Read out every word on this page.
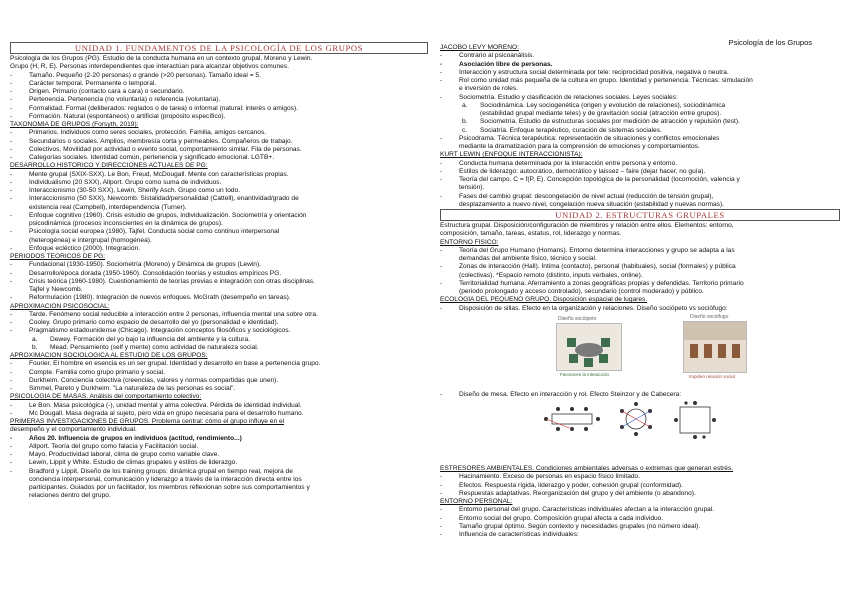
Psicología de los Grupos
UNIDAD 1. FUNDAMENTOS DE LA PSICOLOGÍA DE LOS GRUPOS
Psicología de los Grupos (PG). Estudio de la conducta humana en un contexto grupal. Moreno y Lewin.
Grupo (H, R, E). Personas interdependientes que interactúan para alcanzar objetivos comunes.
- Tamaño. Pequeño (2-20 personas) o grande (>20 personas). Tamaño ideal = 5.
- Carácter temporal. Permanente o temporal.
- Origen. Primario (contacto cara a cara) o secundario.
- Pertenencia. Pertenencia (no voluntaria) o referencia (voluntaria).
- Formalidad. Formal (deliberados: reglados o de tarea) o informal (natural: interés o amigos).
- Formación. Natural (espontáneos) o artificial (propósito específico).
TAXONOMÍA DE GRUPOS (Forsyth, 2019):
- Primarios. Individuos como seres sociales, protección. Familia, amigos cercanos.
- Secundarios o sociales. Amplios, membresía corta y permeables. Compañeros de trabajo.
- Colectivos. Movilidad por actividad o evento social, comportamiento similar. Fila de personas.
- Categorías sociales. Identidad común, pertenencia y significado emocional. LGTB+.
DESARROLLO HISTÓRICO Y DIRECCIONES ACTUALES DE PG:
- Mente grupal (SXIX-SXX). Le Bon, Freud, McDougall. Mente con características propias.
- Individualismo (20 SXX), Allport. Grupo como suma de individuos.
- Interaccionismo (30-50 SXX), Lewin, Sherify Asch. Grupo como un todo.
- Interaccionismo (50 SXX), Newcomb. Sistalidad/personalidad (Cattell), enantividad/grado de
existencia real (Campbell), interdependencia (Turner).
- Enfoque cognitivo (1960). Crisis estudio de grupos, individualización. Sociometría y orientación
psicodinámica (procesos inconscientes en la dinámica de grupos).
- Psicología social europea (1980), Tajfel. Conducta social como continuo interpersonal
(heterogénea) e intergrupal (homogénea).
- Enfoque ecléctico (2000). Integración.
PERIODOS TEÓRICOS DE PG:
- Fundacional (1930-1950). Sociometría (Moreno) y Dinámica de grupos (Lewin).
- Desarrollo/época dorada (1950-1960). Consolidación teorías y estudios empíricos PG.
- Crisis teórica (1960-1980). Cuestionamiento de teorías previas e integración con otras disciplinas.
Tajfel y Newcomb.
- Reformulación (1980). Integración de nuevos enfoques. McGrath (desempeño en tareas).
APROXIMACIÓN PSICOSOCIAL:
- Tarde. Fenómeno social reducible a interacción entre 2 personas, influencia mental una sobre otra.
- Cooley. Grupo primario como espacio de desarrollo del yo (personalidad e identidad).
- Pragmatismo estadounidense (Chicago). Integración conceptos filosóficos y sociológicos.
a. Dewey. Formación del yo bajo la influencia del ambiente y la cultura.
b. Mead. Pensamiento (self y mente) como actividad de naturaleza social.
APROXIMACIÓN SOCIOLÓGICA AL ESTUDIO DE LOS GRUPOS:
- Fourier. El hombre en esencia es un ser grupal. Identidad y desarrollo en base a pertenencia grupo.
- Compte. Familia como grupo primario y social.
- Durkheim. Conciencia colectiva (creencias, valores y normas compartidas que unen).
- Simmel, Pareto y Durkheim. "La naturaleza de las personas es social".
PSICOLOGÍA DE MASAS. Análisis del comportamiento colectivo:
- Le Bon. Masa psicológica (-), unidad mental y alma colectiva. Pérdida de identidad individual.
- Mc Dougall. Masa degrada al sujeto, pero vida en grupo necesaria para el desarrollo humano.
PRIMERAS INVESTIGACIONES DE GRUPOS. Problema central: cómo el grupo influye en el
desempeño y el comportamiento individual.
- Años 20. Influencia de grupos en individuos (actitud, rendimiento...)
- Allport. Teoría del grupo como falacia y Facilitación social.
- Mayo. Productividad laboral, clima de grupo como variable clave.
- Lewin, Lippit y White. Estudio de climas grupales y estilos de liderazgo.
- Bradford y Lippit. Diseño de los training groups: dinámica grupal en tiempo real, mejora de
conciencia interpersonal, comunicación y liderazgo a través de la interacción directa entre los
participantes. Guiados por un facilitador, los miembros reflexionan sobre sus comportamientos y
relaciones dentro del grupo.
JACOBO LEVY MORENO:
- Contrario al psicoanálisis.
- Asociación libre de personas.
- Interacción y estructura social determinada por tele: reciprocidad positiva, negativa o neutra.
- Rol como unidad más pequeña de la cultura en grupo. Identidad y pertenencia. Técnicas: simulación
e inversión de roles.
- Sociometría. Estudio y clasificación de relaciones sociales. Leyes sociales:
a. Sociodinámica. Ley sociogenética (origen y evolución de relaciones), sociodinámica
(estabilidad grupal mediante teles) y de gravitación social (atracción entre grupos).
b. Sociometría. Estudio de estructuras sociales por medición de atracción y repulsión (test).
c. Sociatría. Enfoque terapéutico, curación de sistemas sociales.
- Psicodrama. Técnica terapéutica: representación de situaciones y conflictos emocionales
mediante la dramatización para la comprensión de emociones y comportamientos.
KURT LEWIN (ENFOQUE INTERACCIONISTA):
- Conducta humana determinada por la interacción entre persona y entorno.
- Estilos de liderazgo: autocrático, democrático y laissez – faire (dejar hacer, no guía).
- Teoría del campo. C = f(P, E). Concepción topológica de la personalidad (locomoción, valencia y
tensión).
- Fases del cambio grupal: descongelación de nivel actual (reducción de tensión grupal),
desplazamiento a nuevo nivel, congelación nueva situación (estabilidad y nuevas normas).
UNIDAD 2. ESTRUCTURAS GRUPALES
Estructura grupal. Disposición/configuración de miembros y relación entre ellos. Elementos: entorno,
composición, tamaño, tareas, estatus, rol, liderazgo y normas.
ENTORNO FÍSICO:
- Teoría del Grupo Humano (Homans). Entorno determina interacciones y grupo se adapta a las
demandas del ambiente físico, técnico y social.
- Zonas de interacción (Hall). Íntima (contacto), personal (habituales), social (formales) y pública
(colectivas). *Espacio remoto (distinto, inputs verbales, online).
- Territorialidad humana. Aferramiento a zonas geográficas propias y defendidas. Territorio primario
(periodo prolongado y acceso controlado), secundario (control moderado) y público.
ECOLOGÍA DEL PEQUEÑO GRUPO. Disposición espacial de lugares.
- Disposición de sillas. Efecto en la organización y relaciones. Diseño sociópeto vs sociófugo:
Diseño sociópeto
Favorecen la interacción
Diseño sociófugo
Impiden relación social
- Diseño de mesa. Efecto en interacción y rol. Efecto Steinzor y de Cabecera:
ESTRESORES AMBIENTALES. Condiciones ambientales adversas o extremas que generan estrés.
- Hacinamiento. Exceso de personas en espacio físico limitado.
- Efectos. Respuesta rígida, liderazgo y poder, cohesión grupal (conformidad).
- Respuestas adaptativas. Reorganización del grupo y del ambiente (o abandono).
ENTORNO PERSONAL:
- Entorno personal del grupo. Características individuales afectan a la interacción grupal.
- Entorno social del grupo. Composición grupal afecta a cada individuo.
- Tamaño grupal óptimo. Según contexto y necesidades grupales (no número ideal).
- Influencia de características individuales:
